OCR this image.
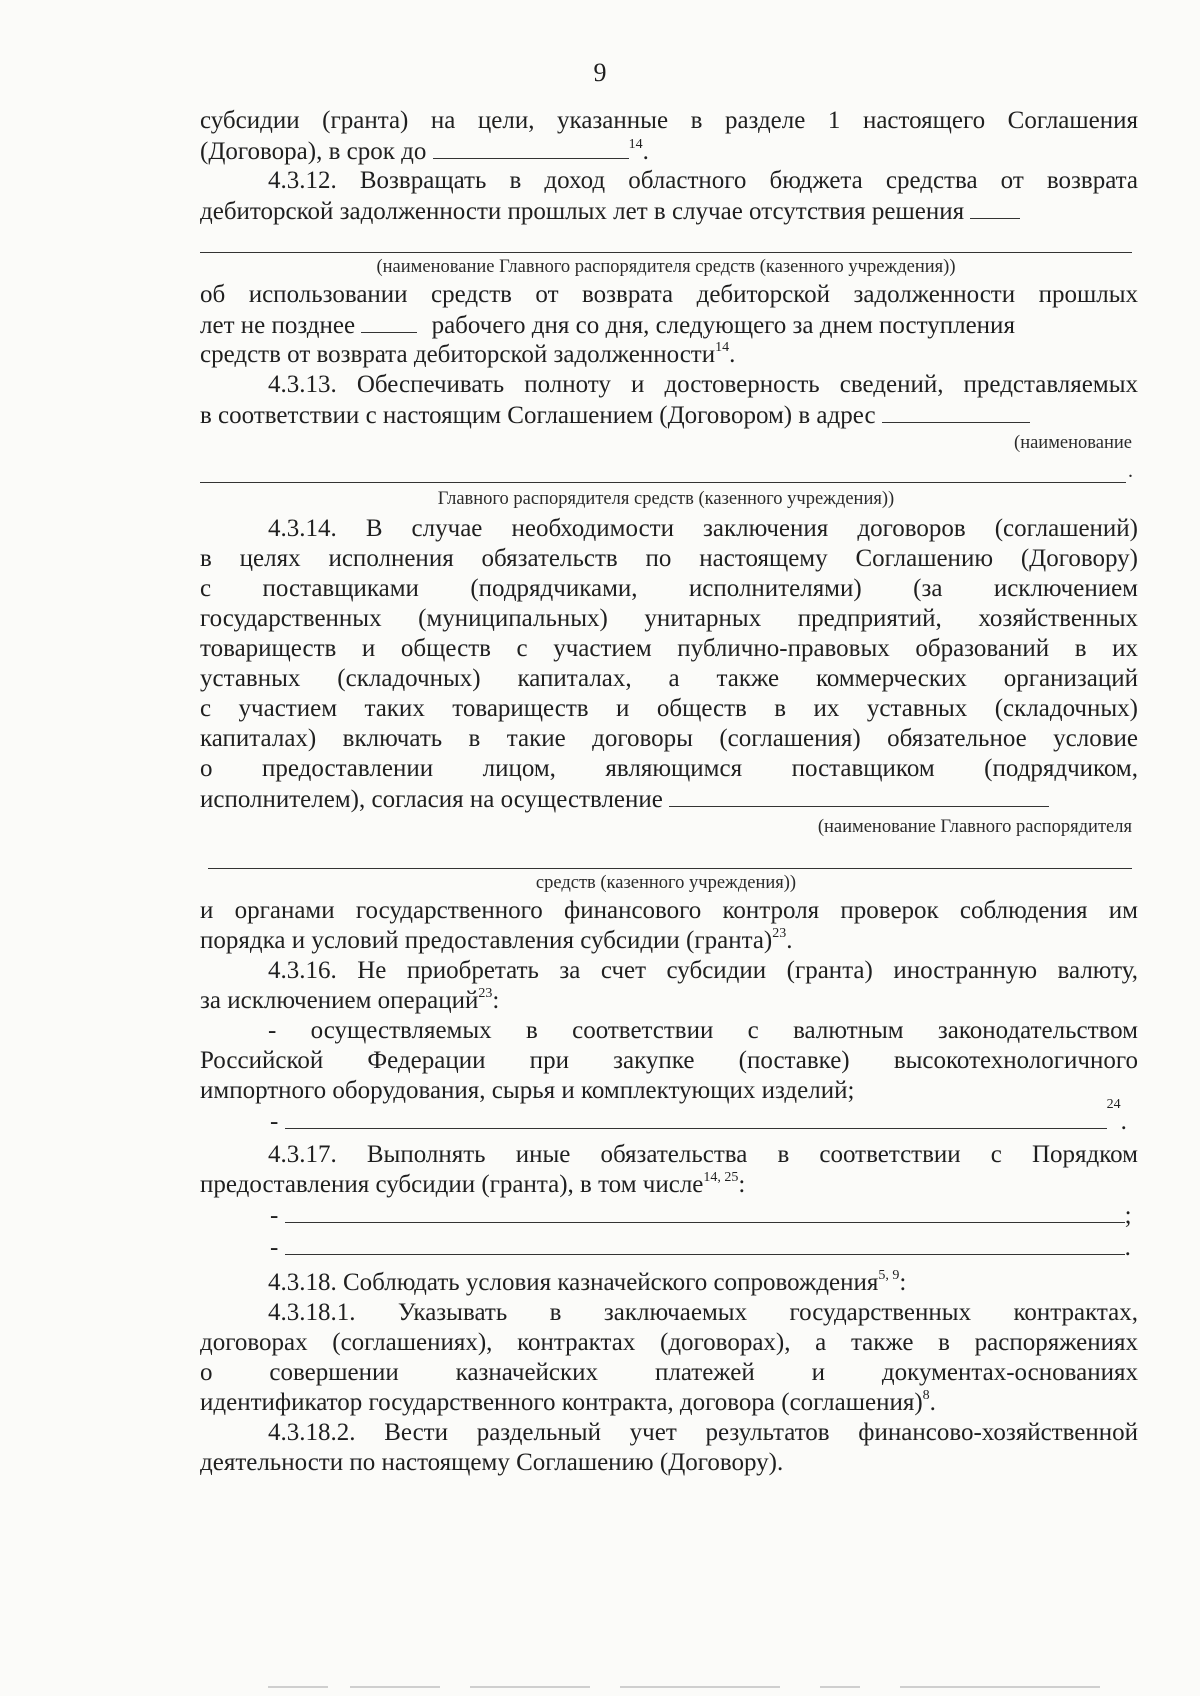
9
субсидии (гранта) на цели, указанные в разделе 1 настоящего Соглашения
(Договора), в срок до	$^{14}$.
4.3.12. Возвращать в доход областного бюджета средства от возврата
дебиторской задолженности прошлых лет в случае отсутствия решения
(наименование Главного распорядителя средств (казенного учреждения))
об использовании средств от возврата дебиторской задолженности прошлых
лет не позднее	рабочего дня со дня, следующего за днем поступления
средств от возврата дебиторской задолженности$^{14}$.
4.3.13. Обеспечивать полноту и достоверность сведений, представляемых
в соответствии с настоящим Соглашением (Договором) в адрес
(наименование
.
Главного распорядителя средств (казенного учреждения))
4.3.14. В случае необходимости заключения договоров (соглашений)
в целях исполнения обязательств по настоящему Соглашению (Договору)
с поставщиками (подрядчиками, исполнителями) (за исключением
государственных (муниципальных) унитарных предприятий, хозяйственных
товариществ и обществ с участием публично-правовых образований в их
уставных (складочных) капиталах, а также коммерческих организаций
с участием таких товариществ и обществ в их уставных (складочных)
капиталах) включать в такие договоры (соглашения) обязательное условие
о предоставлении лицом, являющимся поставщиком (подрядчиком,
исполнителем), согласия на осуществление
(наименование Главного распорядителя
средств (казенного учреждения))
и органами государственного финансового контроля проверок соблюдения им
порядка и условий предоставления субсидии (гранта)$^{23}$.
4.3.16. Не приобретать за счет субсидии (гранта) иностранную валюту,
за исключением операций$^{23}$:
- осуществляемых в соответствии с валютным законодательством
Российской Федерации при закупке (поставке) высокотехнологичного
импортного оборудования, сырья и комплектующих изделий;
- $^{24}$.
4.3.17. Выполнять иные обязательства в соответствии с Порядком
предоставления субсидии (гранта), в том числе$^{14, 25}$:
-	;
-	.
4.3.18. Соблюдать условия казначейского сопровождения$^{5, 9}$:
4.3.18.1. Указывать в заключаемых государственных контрактах,
договорах (соглашениях), контрактах (договорах), а также в распоряжениях
о совершении казначейских платежей и документах-основаниях
идентификатор государственного контракта, договора (соглашения)$^8$.
4.3.18.2. Вести раздельный учет результатов финансово-хозяйственной
деятельности по настоящему Соглашению (Договору).
